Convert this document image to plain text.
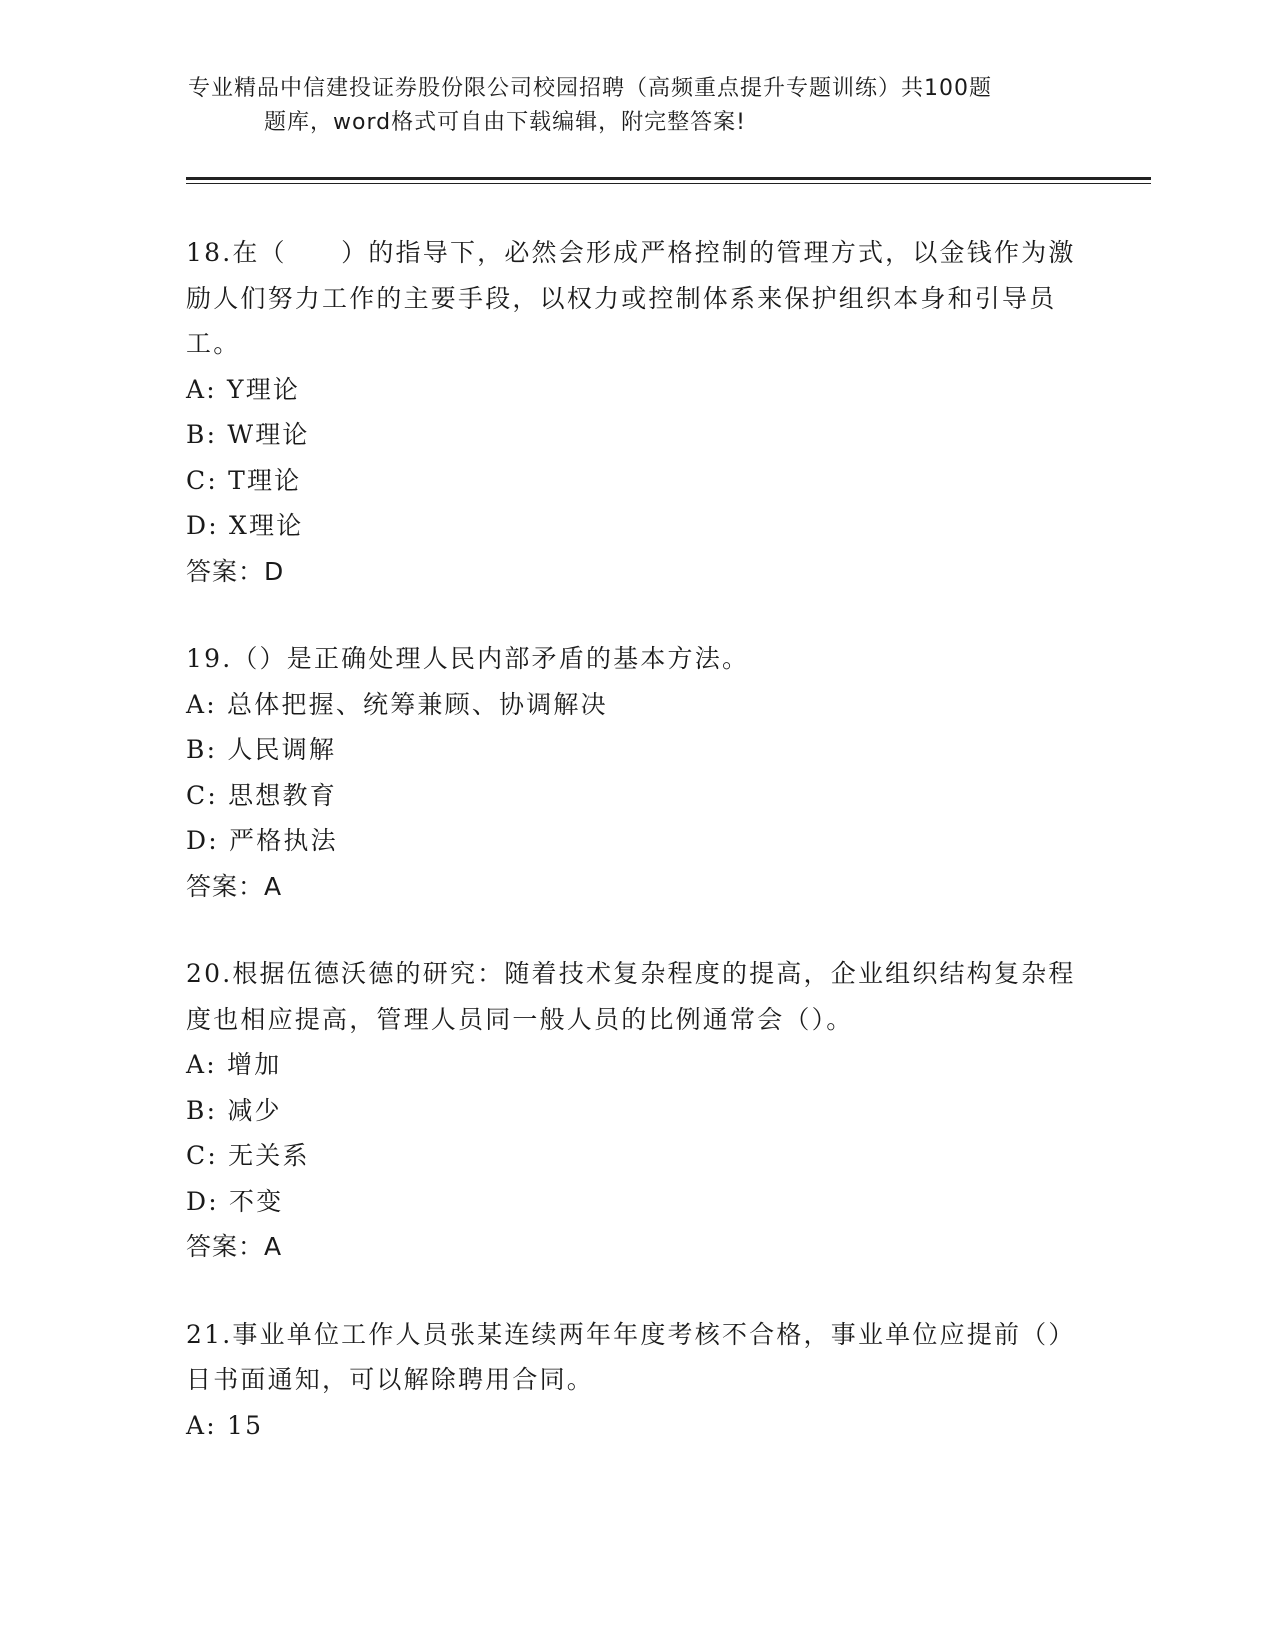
专业精品中信建投证券股份限公司校园招聘（高频重点提升专题训练）共100题
题库，word格式可自由下载编辑，附完整答案!

18.在（　　）的指导下，必然会形成严格控制的管理方式，以金钱作为激励人们努力工作的主要手段，以权力或控制体系来保护组织本身和引导员工。

A: Y理论

B: W理论

C: T理论

D: X理论

答案：D

19.（）是正确处理人民内部矛盾的基本方法。

A: 总体把握、统筹兼顾、协调解决

B: 人民调解

C: 思想教育

D: 严格执法

答案：A

20.根据伍德沃德的研究：随着技术复杂程度的提高，企业组织结构复杂程度也相应提高，管理人员同一般人员的比例通常会（）。

A: 增加

B: 减少

C: 无关系

D: 不变

答案：A

21.事业单位工作人员张某连续两年年度考核不合格，事业单位应提前（）日书面通知，可以解除聘用合同。

A: 15
